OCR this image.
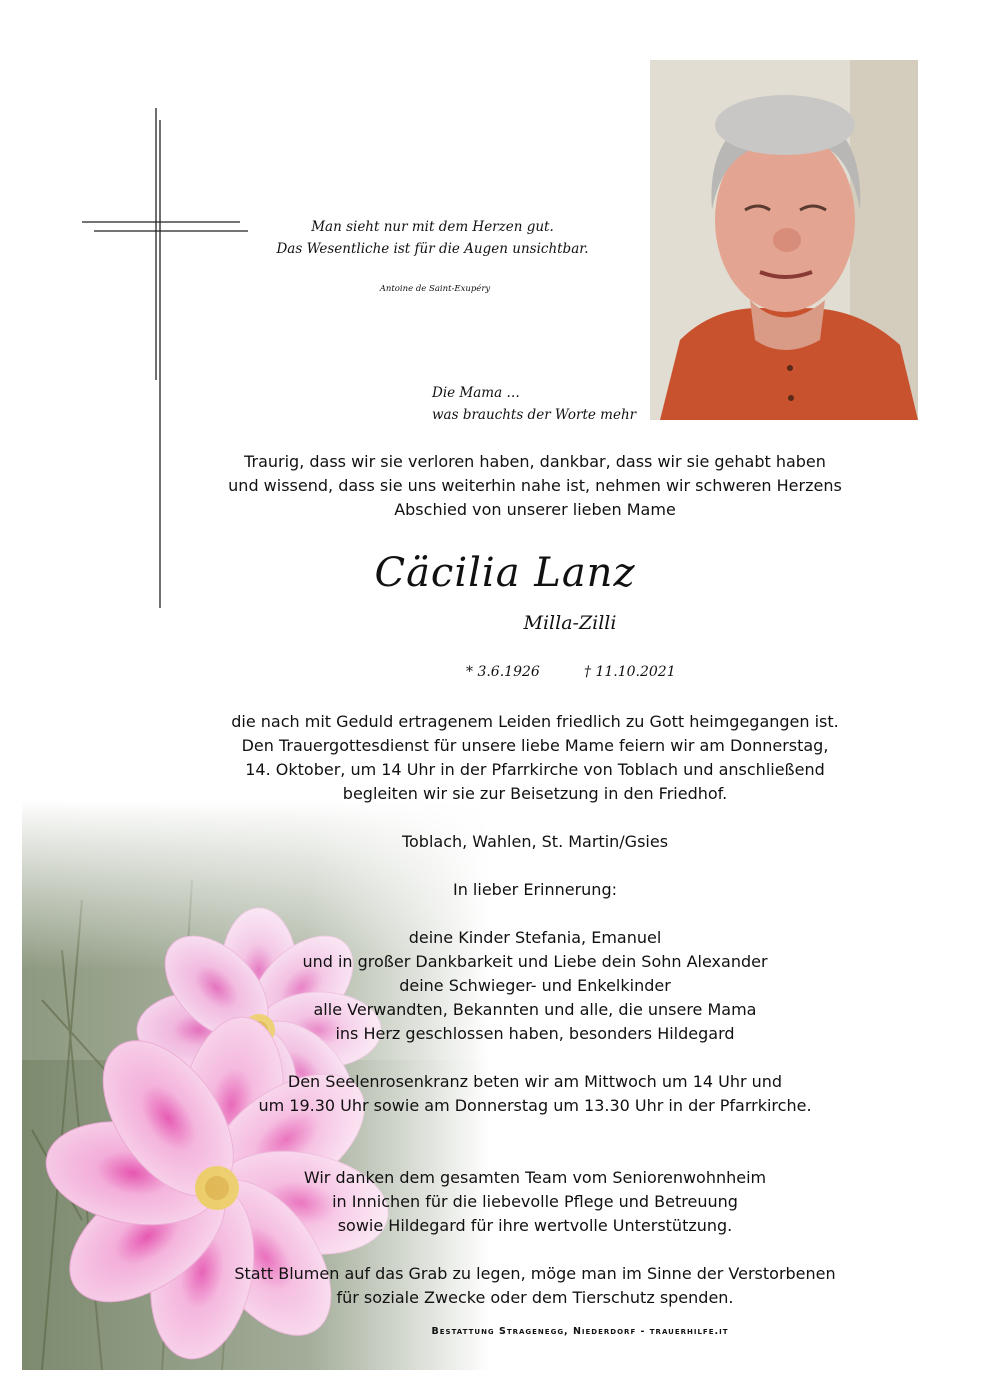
Man sieht nur mit dem Herzen gut.
Das Wesentliche ist für die Augen unsichtbar.
Antoine de Saint-Exupéry
Die Mama …
was brauchts der Worte mehr
Traurig, dass wir sie verloren haben, dankbar, dass wir sie gehabt haben
und wissend, dass sie uns weiterhin nahe ist, nehmen wir schweren Herzens
Abschied von unserer lieben Mame
Cäcilia Lanz
Milla-Zilli
* 3.6.1926	† 11.10.2021
die nach mit Geduld ertragenem Leiden friedlich zu Gott heimgegangen ist.
Den Trauergottesdienst für unsere liebe Mame feiern wir am Donnerstag,
14. Oktober, um 14 Uhr in der Pfarrkirche von Toblach und anschließend
begleiten wir sie zur Beisetzung in den Friedhof.
Toblach, Wahlen, St. Martin/Gsies
In lieber Erinnerung:
deine Kinder Stefania, Emanuel
und in großer Dankbarkeit und Liebe dein Sohn Alexander
deine Schwieger- und Enkelkinder
alle Verwandten, Bekannten und alle, die unsere Mama
ins Herz geschlossen haben, besonders Hildegard
Den Seelenrosenkranz beten wir am Mittwoch um 14 Uhr und
um 19.30 Uhr sowie am Donnerstag um 13.30 Uhr in der Pfarrkirche.
Wir danken dem gesamten Team vom Seniorenwohnheim
in Innichen für die liebevolle Pflege und Betreuung
sowie Hildegard für ihre wertvolle Unterstützung.
Statt Blumen auf das Grab zu legen, möge man im Sinne der Verstorbenen
für soziale Zwecke oder dem Tierschutz spenden.
Bestattung Stragenegg, Niederdorf - trauerhilfe.it
